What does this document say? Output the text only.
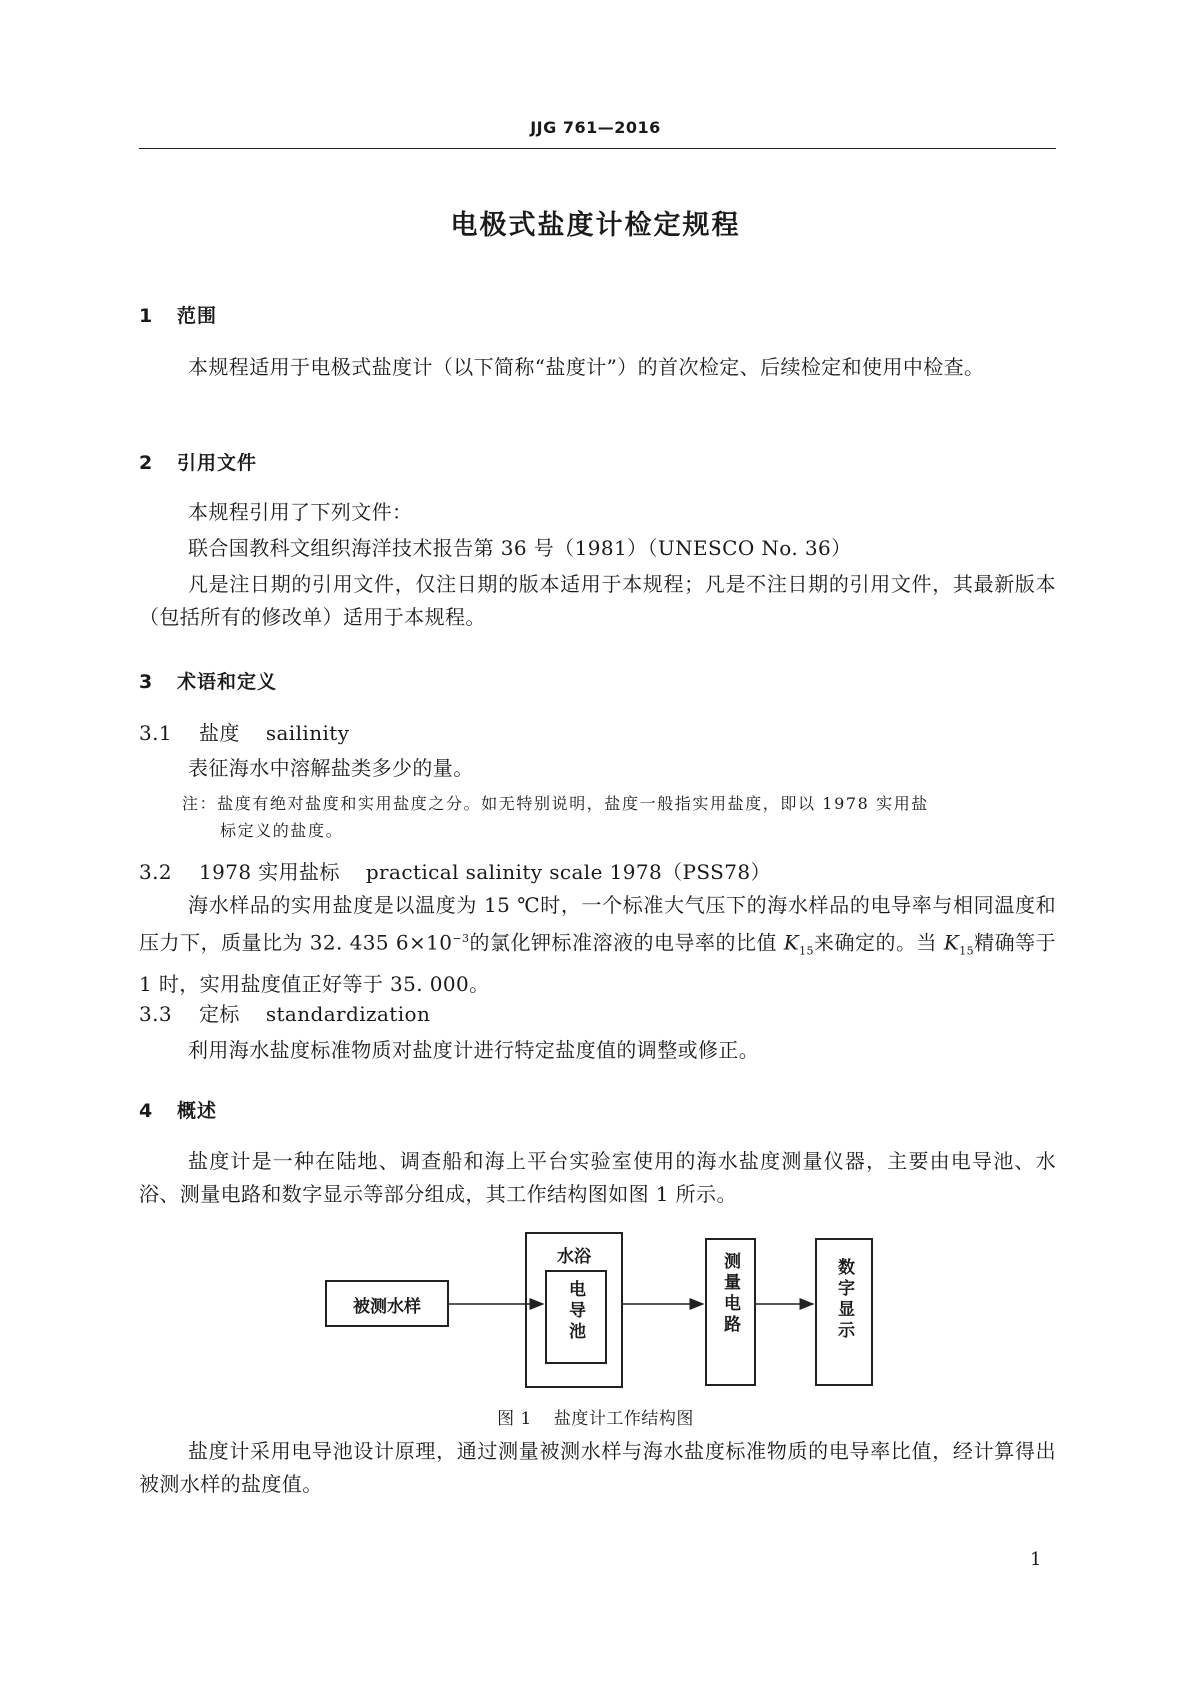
JJG 761—2016
电极式盐度计检定规程
1 范围
本规程适用于电极式盐度计（以下简称“盐度计”）的首次检定、后续检定和使用中检查。
2 引用文件
本规程引用了下列文件：
联合国教科文组织海洋技术报告第 36 号（1981）（UNESCO No. 36）
凡是注日期的引用文件，仅注日期的版本适用于本规程；凡是不注日期的引用文件，其最新版本（包括所有的修改单）适用于本规程。
3 术语和定义
3.1 盐度 sailinity
表征海水中溶解盐类多少的量。
注：盐度有绝对盐度和实用盐度之分。如无特别说明，盐度一般指实用盐度，即以 1978 实用盐
标定义的盐度。
3.2 1978 实用盐标 practical salinity scale 1978（PSS78）
海水样品的实用盐度是以温度为 15 ℃时，一个标准大气压下的海水样品的电导率与相同温度和压力下，质量比为 32. 435 $6\times 10^{-3}$的氯化钾标准溶液的电导率的比值 $K_{15}$来确定的。当 $K_{15}$精确等于 1 时，实用盐度值正好等于 35. 000。
3.3 定标 standardization
利用海水盐度标准物质对盐度计进行特定盐度值的调整或修正。
4 概述
盐度计是一种在陆地、调查船和海上平台实验室使用的海水盐度测量仪器，主要由电导池、水浴、测量电路和数字显示等部分组成，其工作结构图如图 1 所示。
被测水样
水浴
电导池	测量电路	数字显示
图 1 盐度计工作结构图
盐度计采用电导池设计原理，通过测量被测水样与海水盐度标准物质的电导率比值，经计算得出被测水样的盐度值。
1
